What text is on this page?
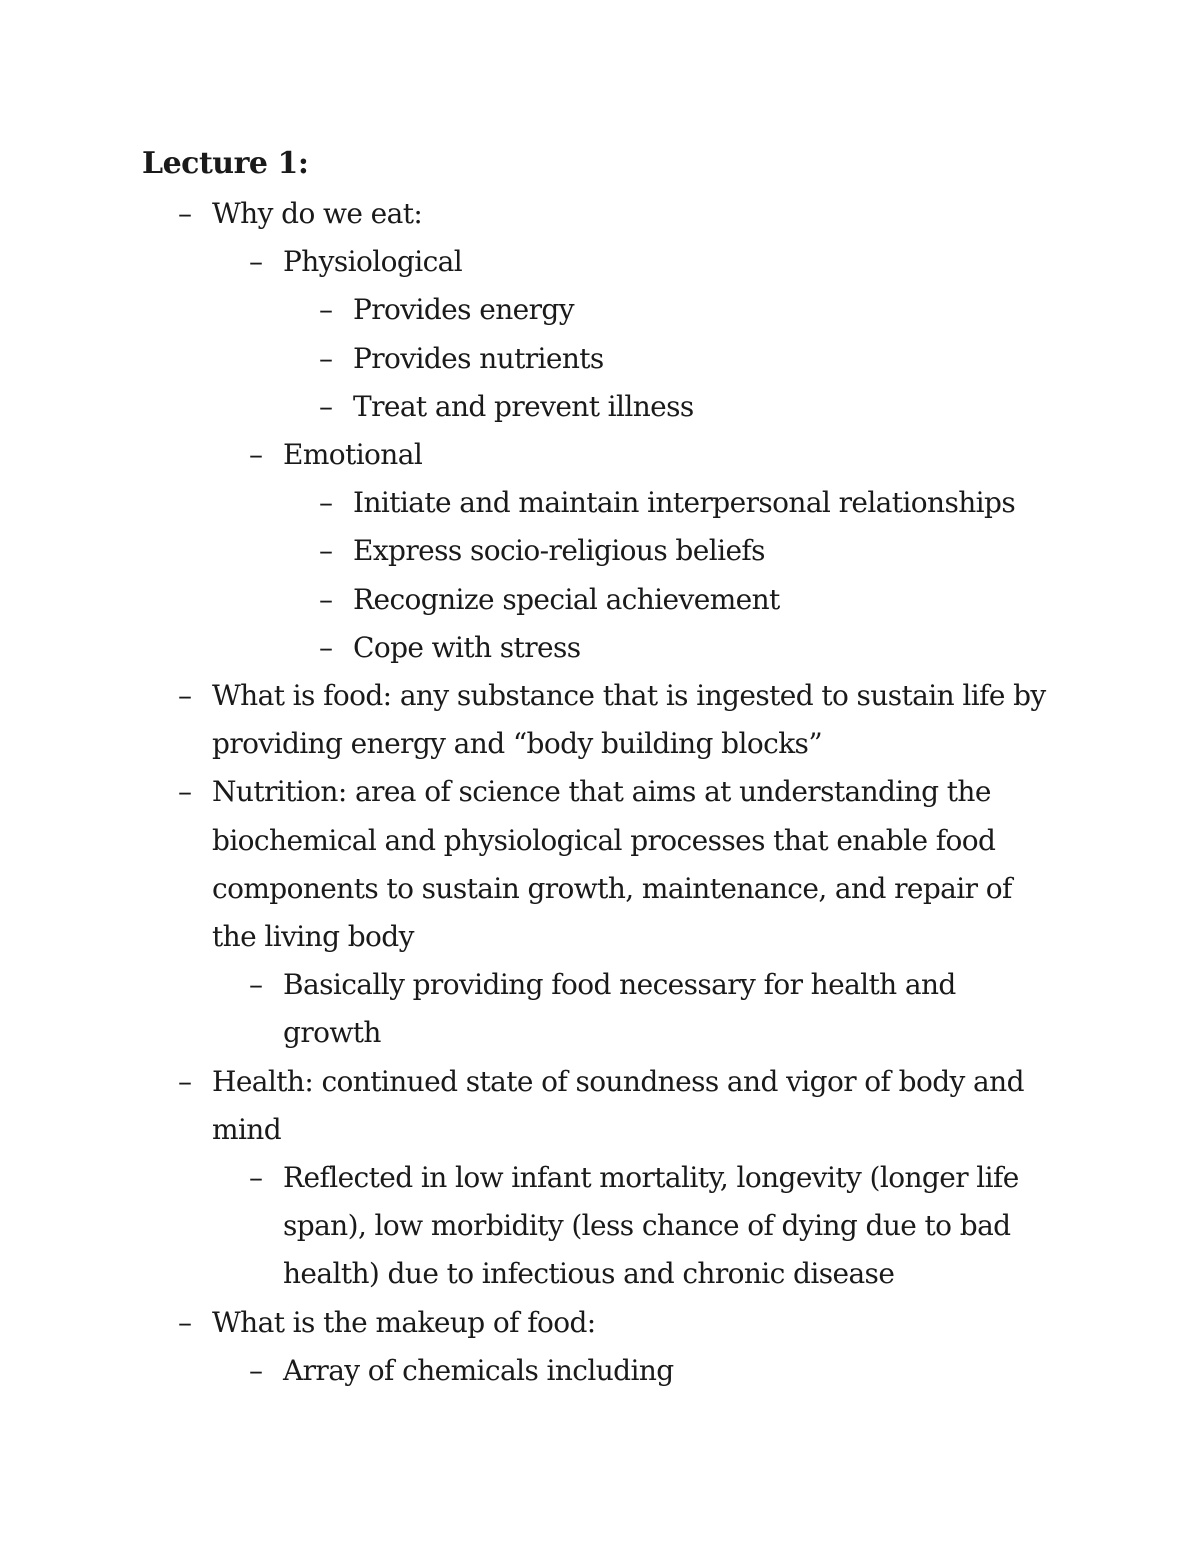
Lecture 1:
– Why do we eat:
– Physiological
– Provides energy
– Provides nutrients
– Treat and prevent illness
– Emotional
– Initiate and maintain interpersonal relationships
– Express socio-religious beliefs
– Recognize special achievement
– Cope with stress
– What is food: any substance that is ingested to sustain life by providing energy and “body building blocks”
– Nutrition: area of science that aims at understanding the biochemical and physiological processes that enable food components to sustain growth, maintenance, and repair of the living body
– Basically providing food necessary for health and growth
– Health: continued state of soundness and vigor of body and mind
– Reflected in low infant mortality, longevity (longer life span), low morbidity (less chance of dying due to bad health) due to infectious and chronic disease
– What is the makeup of food:
– Array of chemicals including
